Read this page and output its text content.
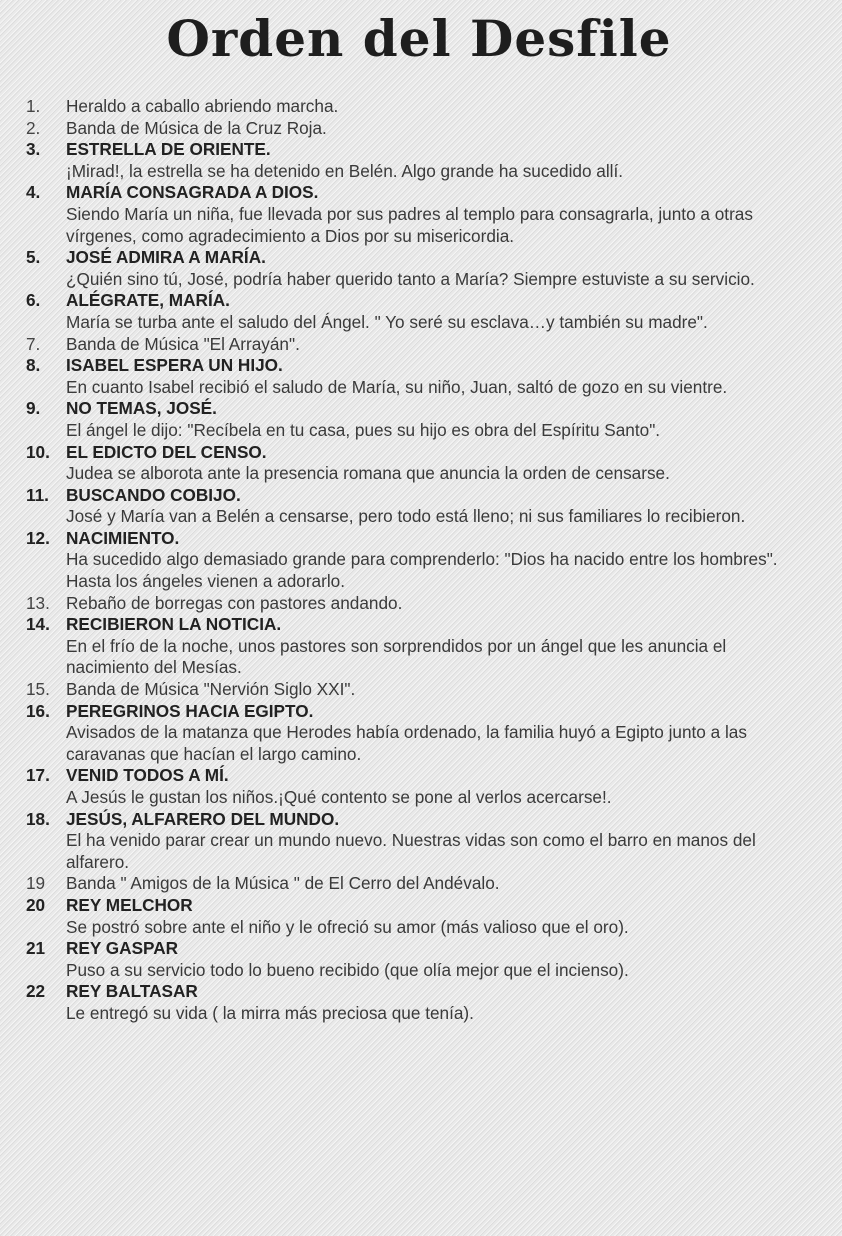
Orden del Desfile
1.	Heraldo a caballo abriendo marcha.
2.	Banda de Música de la Cruz Roja.
3.	ESTRELLA DE ORIENTE.
¡Mirad!, la estrella se ha detenido en Belén. Algo grande ha sucedido allí.
4.	MARÍA CONSAGRADA A DIOS.
Siendo María un niña, fue llevada por sus padres al templo para consagrarla, junto a otras vírgenes, como agradecimiento a Dios por su misericordia.
5.	JOSÉ ADMIRA A MARÍA.
¿Quién sino tú, José, podría haber querido tanto a María? Siempre estuviste a su servicio.
6.	ALÉGRATE, MARÍA.
María se turba ante el saludo del Ángel. " Yo seré su esclava…y también su madre".
7.	Banda de Música "El Arrayán".
8.	ISABEL ESPERA UN HIJO.
En cuanto Isabel recibió el saludo de María, su niño, Juan, saltó de gozo en su vientre.
9.	NO TEMAS, JOSÉ.
El ángel le dijo: "Recíbela en tu casa, pues su hijo es obra del Espíritu Santo".
10. EL EDICTO DEL CENSO.
Judea se alborota ante la presencia romana que anuncia la orden de censarse.
11. BUSCANDO COBIJO.
José y María van a Belén a censarse, pero todo está lleno; ni sus familiares lo recibieron.
12. NACIMIENTO.
Ha sucedido algo demasiado grande para comprenderlo: "Dios ha nacido entre los hombres". Hasta los ángeles vienen a adorarlo.
13. Rebaño de borregas con pastores andando.
14. RECIBIERON LA NOTICIA.
En el frío de la noche, unos pastores son sorprendidos por un ángel que les anuncia el nacimiento del Mesías.
15. Banda de Música "Nervión Siglo XXI".
16. PEREGRINOS HACIA EGIPTO.
Avisados de la matanza que Herodes había ordenado, la familia huyó a Egipto junto a las caravanas que hacían el largo camino.
17. VENID TODOS A MÍ.
A Jesús le gustan los niños.¡Qué contento se pone al verlos acercarse!.
18. JESÚS, ALFARERO DEL MUNDO.
El ha venido parar crear un mundo nuevo. Nuestras vidas son como el barro en manos del alfarero.
19	Banda " Amigos de la Música " de El Cerro del Andévalo.
20	REY MELCHOR
Se postró sobre ante el niño y le ofreció su amor (más valioso que el oro).
21	REY GASPAR
Puso a su servicio todo lo bueno recibido (que olía mejor que el incienso).
22	REY BALTASAR
Le entregó su vida ( la mirra más preciosa que tenía).
